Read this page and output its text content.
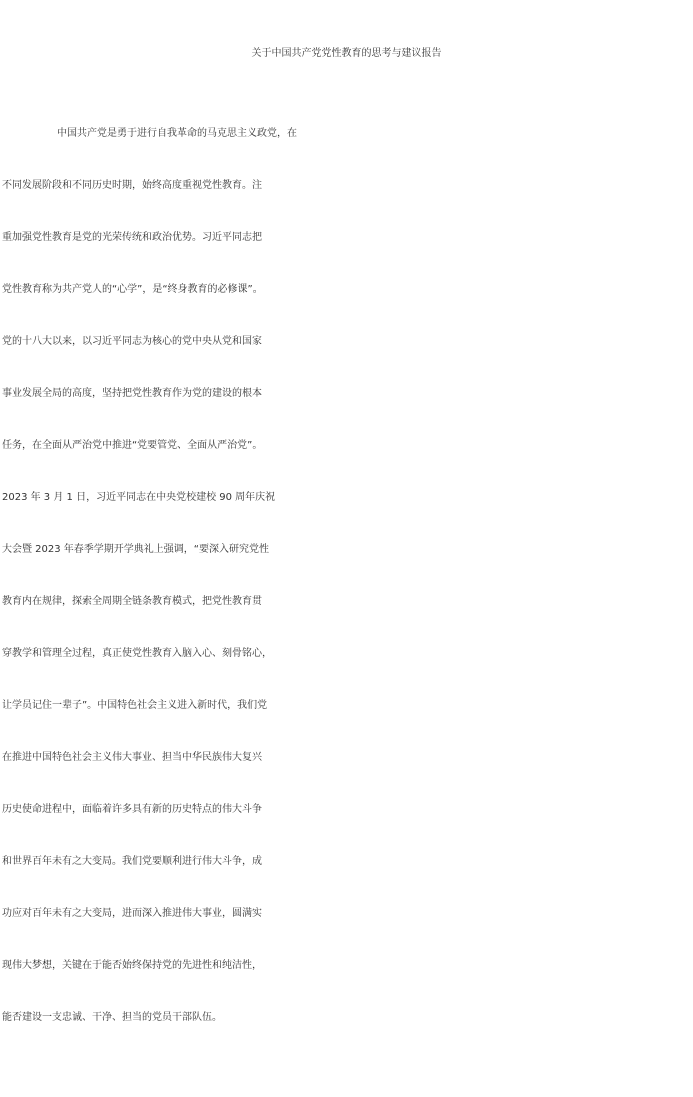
关于中国共产党党性教育的思考与建议报告
中国共产党是勇于进行自我革命的马克思主义政党，在
不同发展阶段和不同历史时期，始终高度重视党性教育。注
重加强党性教育是党的光荣传统和政治优势。习近平同志把
党性教育称为共产党人的“心学”，是“终身教育的必修课”。
党的十八大以来，以习近平同志为核心的党中央从党和国家
事业发展全局的高度，坚持把党性教育作为党的建设的根本
任务，在全面从严治党中推进“党要管党、全面从严治党”。
2023 年 3 月 1 日，习近平同志在中央党校建校 90 周年庆祝
大会暨 2023 年春季学期开学典礼上强调，“要深入研究党性
教育内在规律，探索全周期全链条教育模式，把党性教育贯
穿教学和管理全过程，真正使党性教育入脑入心、刻骨铭心，
让学员记住一辈子”。中国特色社会主义进入新时代，我们党
在推进中国特色社会主义伟大事业、担当中华民族伟大复兴
历史使命进程中，面临着许多具有新的历史特点的伟大斗争
和世界百年未有之大变局。我们党要顺利进行伟大斗争，成
功应对百年未有之大变局，进而深入推进伟大事业，圆满实
现伟大梦想，关键在于能否始终保持党的先进性和纯洁性，
能否建设一支忠诚、干净、担当的党员干部队伍。
